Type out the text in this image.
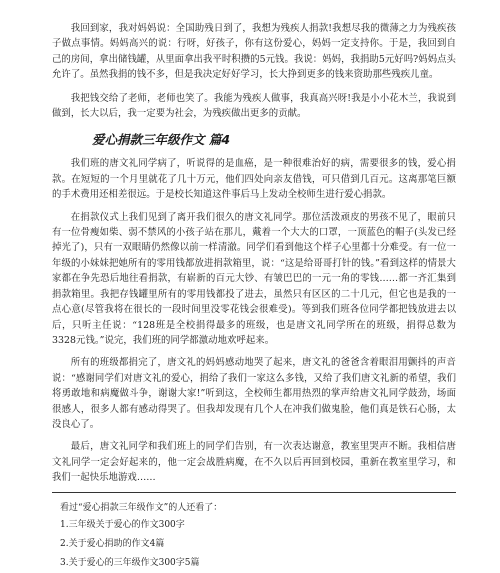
我回到家，我对妈妈说：全国助残日到了，我想为残疾人捐款!我想尽我的微薄之力为残疾孩子做点事情。妈妈高兴的说：行呀，好孩子，你有这份爱心，妈妈一定支持你。于是，我回到自己的房间，拿出储钱罐，从里面拿出我平时积攒的5元钱。我说：妈妈，我捐助5元好吗?妈妈点头允许了。虽然我捐的钱不多，但是我决定好好学习，长大挣到更多的钱来资助那些残疾儿童。

我把钱交给了老师，老师也笑了。我能为残疾人做事，我真高兴呀!我是小小花木兰，我说到做到，长大以后，我一定要为社会，为残疾做出更多的贡献。

爱心捐款三年级作文 篇4

我们班的唐文礼同学病了，听说得的是血癌，是一种很难治好的病，需要很多的钱，爱心捐款。在短短的一个月里就花了几十万元，他们四处向亲友借钱，可只借到几百元。这离那笔巨额的手术费用还相差很远。于是校长知道这件事后马上发动全校师生进行爱心捐款。

在捐款仪式上我们见到了离开我们很久的唐文礼同学。那位活泼顽皮的男孩不见了，眼前只有一位骨瘦如柴、弱不禁风的小孩子站在那儿，戴着一个大大的口罩，一顶蓝色的帽子(头发已经掉光了)，只有一双眼睛仍然像以前一样清澈。同学们看到他这个样子心里都十分难受。有一位一年级的小妹妹把她所有的零用钱都放进捐款箱里，说：“这是给哥哥打针的钱。”看到这样的情景大家都在争先恐后地往看捐款，有崭新的百元大钞、有皱巴巴的一元一角的零钱……都一齐汇集到捐款箱里。我把存钱罐里所有的零用钱都投了进去，虽然只有区区的二十几元，但它也是我的一点心意(尽管我将在很长的一段时间里没零花钱会很难受)。等到我们班各位同学都把钱放进去以后，只听主任说：“128班是全校捐得最多的班级，也是唐文礼同学所在的班级，捐得总数为3328元钱。”说完，我们班的同学都激动地欢呼起来。

所有的班级都捐完了，唐文礼的妈妈感动地哭了起来，唐文礼的爸爸含着眼泪用颤抖的声音说：“感谢同学们对唐文礼的爱心，捐给了我们一家这么多钱，又给了我们唐文礼新的希望，我们将勇敢地和病魔做斗争，谢谢大家!”听到这，全校师生都用热烈的掌声给唐文礼同学鼓劲，场面很感人，很多人都有感动得哭了。但我却发现有几个人在冲我们做鬼脸，他们真是铁石心肠，太没良心了。

最后，唐文礼同学和我们班上的同学们告别，有一次表达谢意，教室里哭声不断。我相信唐文礼同学一定会好起来的，他一定会战胜病魔，在不久以后再回到校园，重新在教室里学习，和我们一起快乐地游戏……

看过“爱心捐款三年级作文”的人还看了：

1.三年级关于爱心的作文300字
2.关于爱心捐助的作文4篇
3.关于爱心的三年级作文300字5篇
